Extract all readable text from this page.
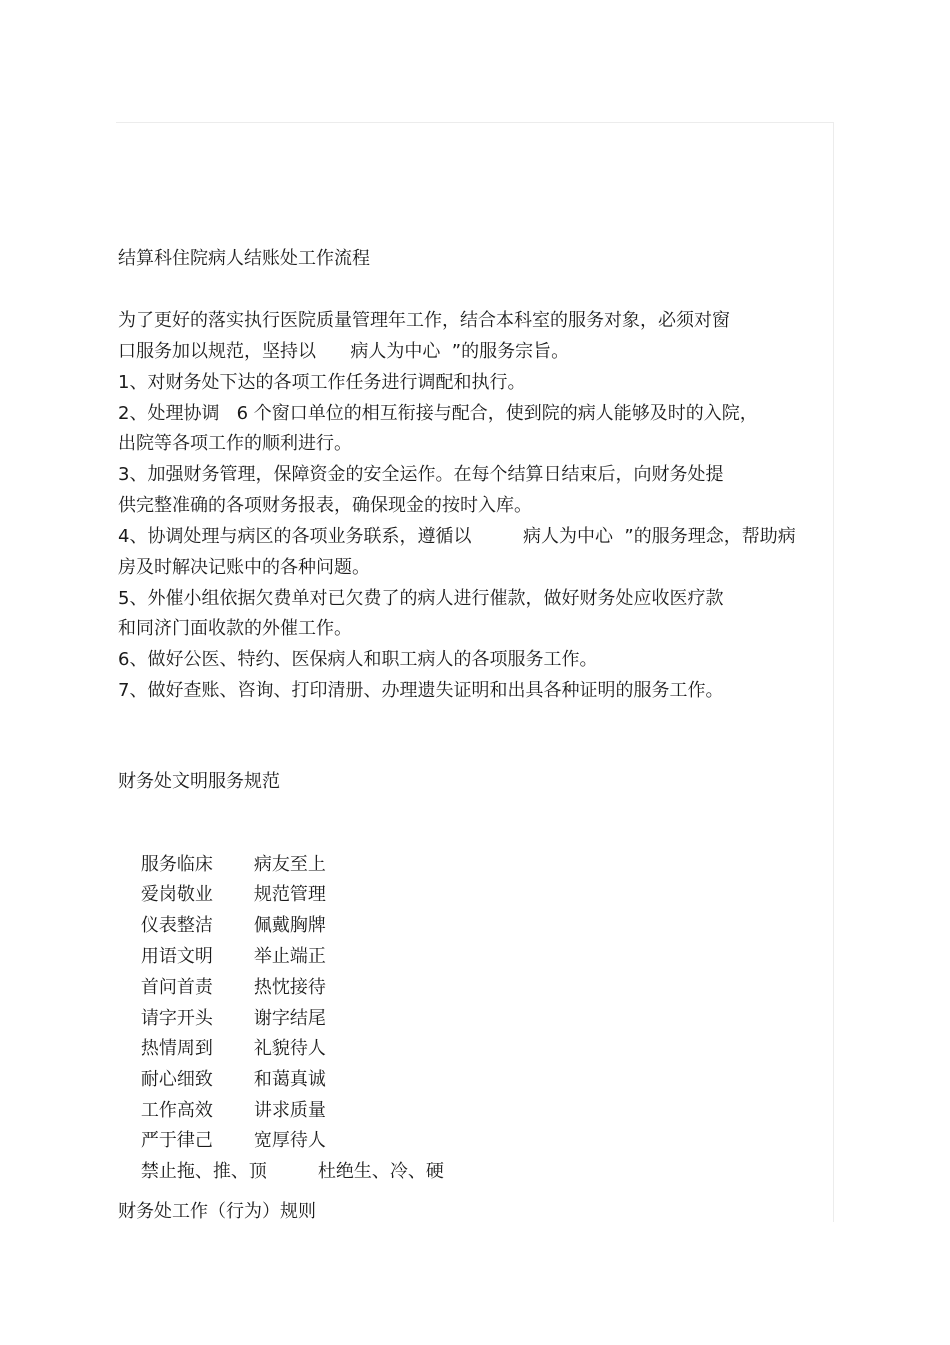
结算科住院病人结账处工作流程
为了更好的落实执行医院质量管理年工作，结合本科室的服务对象，必须对窗
口服务加以规范，坚持以      病人为中心  ”的服务宗旨。
1、对财务处下达的各项工作任务进行调配和执行。
2、处理协调   6 个窗口单位的相互衔接与配合，使到院的病人能够及时的入院，
出院等各项工作的顺利进行。
3、加强财务管理，保障资金的安全运作。在每个结算日结束后，向财务处提
供完整准确的各项财务报表，确保现金的按时入库。
4、协调处理与病区的各项业务联系，遵循以         病人为中心  ”的服务理念，帮助病
房及时解决记账中的各种问题。
5、外催小组依据欠费单对已欠费了的病人进行催款，做好财务处应收医疗款
和同济门面收款的外催工作。
6、做好公医、特约、医保病人和职工病人的各项服务工作。
7、做好查账、咨询、打印清册、办理遗失证明和出具各种证明的服务工作。
财务处文明服务规范

服务临床 病友至上

爱岗敬业 规范管理

仪表整洁 佩戴胸牌

用语文明 举止端正

首问首责 热忱接待

请字开头 谢字结尾

热情周到 礼貌待人

耐心细致 和蔼真诚

工作高效 讲求质量

严于律己 宽厚待人

禁止拖、推、顶	杜绝生、冷、硬

财务处工作（行为）规则
